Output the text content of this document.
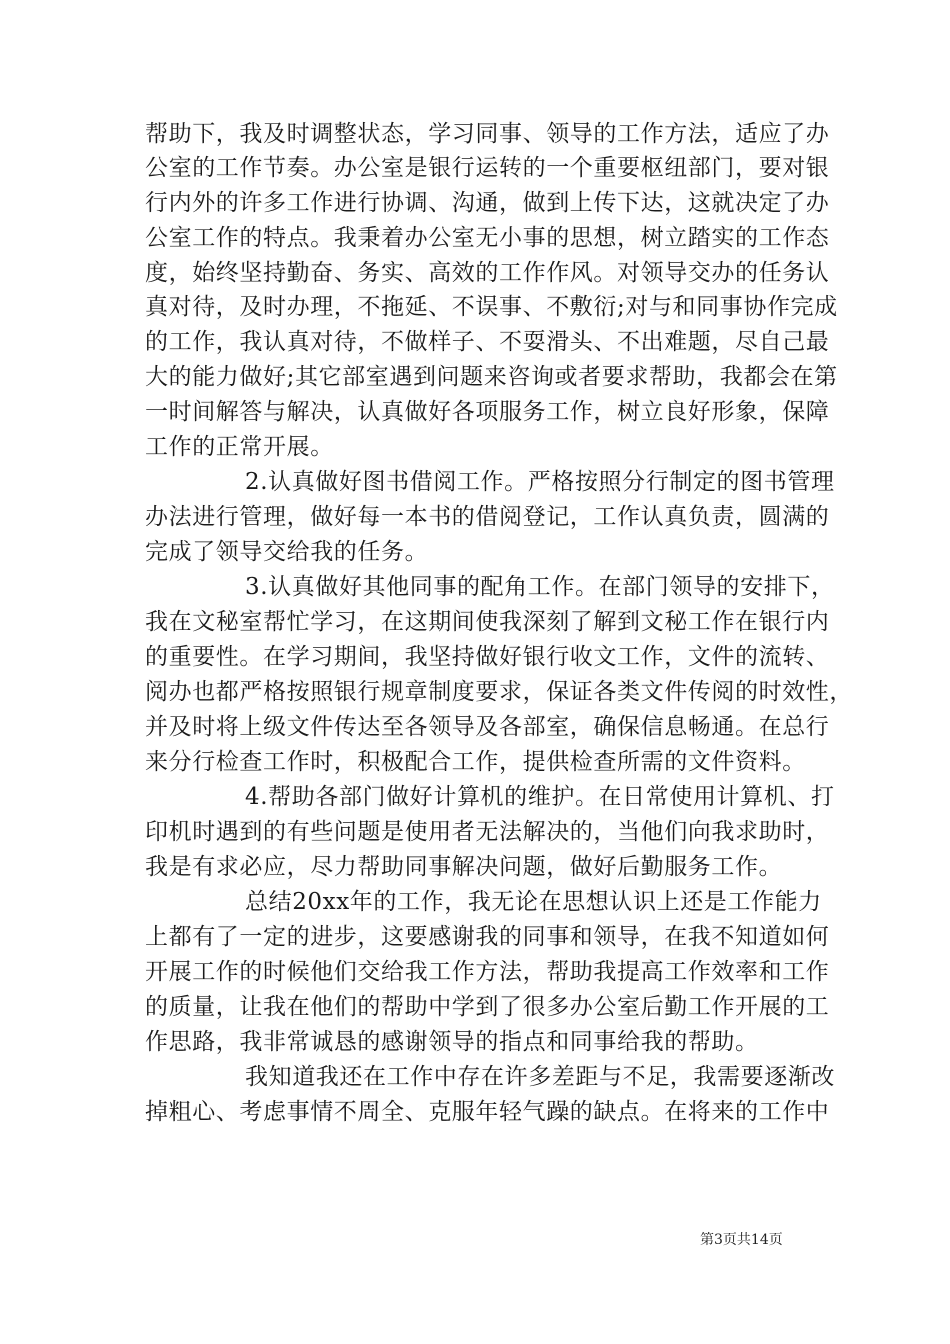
帮助下，我及时调整状态，学习同事、领导的工作方法，适应了办
公室的工作节奏。办公室是银行运转的一个重要枢纽部门，要对银
行内外的许多工作进行协调、沟通，做到上传下达，这就决定了办
公室工作的特点。我秉着办公室无小事的思想，树立踏实的工作态
度，始终坚持勤奋、务实、高效的工作作风。对领导交办的任务认
真对待，及时办理，不拖延、不误事、不敷衍;对与和同事协作完成
的工作，我认真对待，不做样子、不耍滑头、不出难题，尽自己最
大的能力做好;其它部室遇到问题来咨询或者要求帮助，我都会在第
一时间解答与解决，认真做好各项服务工作，树立良好形象，保障
工作的正常开展。
2.认真做好图书借阅工作。严格按照分行制定的图书管理
办法进行管理，做好每一本书的借阅登记，工作认真负责，圆满的
完成了领导交给我的任务。
3.认真做好其他同事的配角工作。在部门领导的安排下，
我在文秘室帮忙学习，在这期间使我深刻了解到文秘工作在银行内
的重要性。在学习期间，我坚持做好银行收文工作，文件的流转、
阅办也都严格按照银行规章制度要求，保证各类文件传阅的时效性，
并及时将上级文件传达至各领导及各部室，确保信息畅通。在总行
来分行检查工作时，积极配合工作，提供检查所需的文件资料。
4.帮助各部门做好计算机的维护。在日常使用计算机、打
印机时遇到的有些问题是使用者无法解决的，当他们向我求助时，
我是有求必应，尽力帮助同事解决问题，做好后勤服务工作。
总结20xx年的工作，我无论在思想认识上还是工作能力
上都有了一定的进步，这要感谢我的同事和领导，在我不知道如何
开展工作的时候他们交给我工作方法，帮助我提高工作效率和工作
的质量，让我在他们的帮助中学到了很多办公室后勤工作开展的工
作思路，我非常诚恳的感谢领导的指点和同事给我的帮助。
我知道我还在工作中存在许多差距与不足，我需要逐渐改
掉粗心、考虑事情不周全、克服年轻气躁的缺点。在将来的工作中
第3页共14页
